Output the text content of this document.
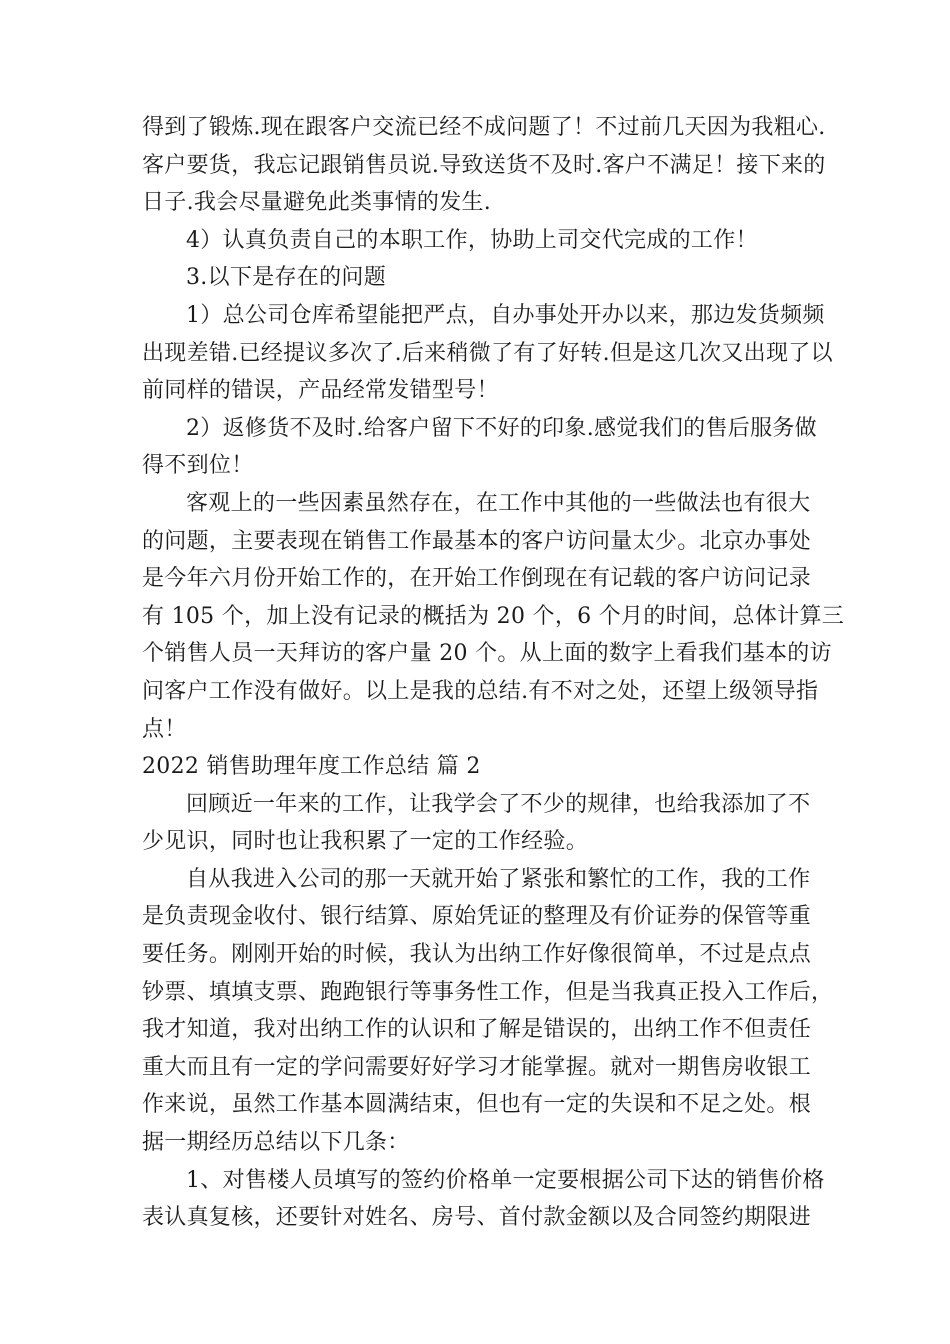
得到了锻炼.现在跟客户交流已经不成问题了！不过前几天因为我粗心.
客户要货，我忘记跟销售员说.导致送货不及时.客户不满足！接下来的
日子.我会尽量避免此类事情的发生.
4）认真负责自己的本职工作，协助上司交代完成的工作！
3.以下是存在的问题
1）总公司仓库希望能把严点，自办事处开办以来，那边发货频频
出现差错.已经提议多次了.后来稍微了有了好转.但是这几次又出现了以
前同样的错误，产品经常发错型号！
2）返修货不及时.给客户留下不好的印象.感觉我们的售后服务做
得不到位！
客观上的一些因素虽然存在，在工作中其他的一些做法也有很大
的问题，主要表现在销售工作最基本的客户访问量太少。北京办事处
是今年六月份开始工作的，在开始工作倒现在有记载的客户访问记录
有 105 个，加上没有记录的概括为 20 个，6 个月的时间，总体计算三
个销售人员一天拜访的客户量 20 个。从上面的数字上看我们基本的访
问客户工作没有做好。以上是我的总结.有不对之处，还望上级领导指
点！
2022 销售助理年度工作总结 篇 2
回顾近一年来的工作，让我学会了不少的规律，也给我添加了不
少见识，同时也让我积累了一定的工作经验。
自从我进入公司的那一天就开始了紧张和繁忙的工作，我的工作
是负责现金收付、银行结算、原始凭证的整理及有价证券的保管等重
要任务。刚刚开始的时候，我认为出纳工作好像很简单，不过是点点
钞票、填填支票、跑跑银行等事务性工作，但是当我真正投入工作后，
我才知道，我对出纳工作的认识和了解是错误的，出纳工作不但责任
重大而且有一定的学问需要好好学习才能掌握。就对一期售房收银工
作来说，虽然工作基本圆满结束，但也有一定的失误和不足之处。根
据一期经历总结以下几条：
1、对售楼人员填写的签约价格单一定要根据公司下达的销售价格
表认真复核，还要针对姓名、房号、首付款金额以及合同签约期限进
